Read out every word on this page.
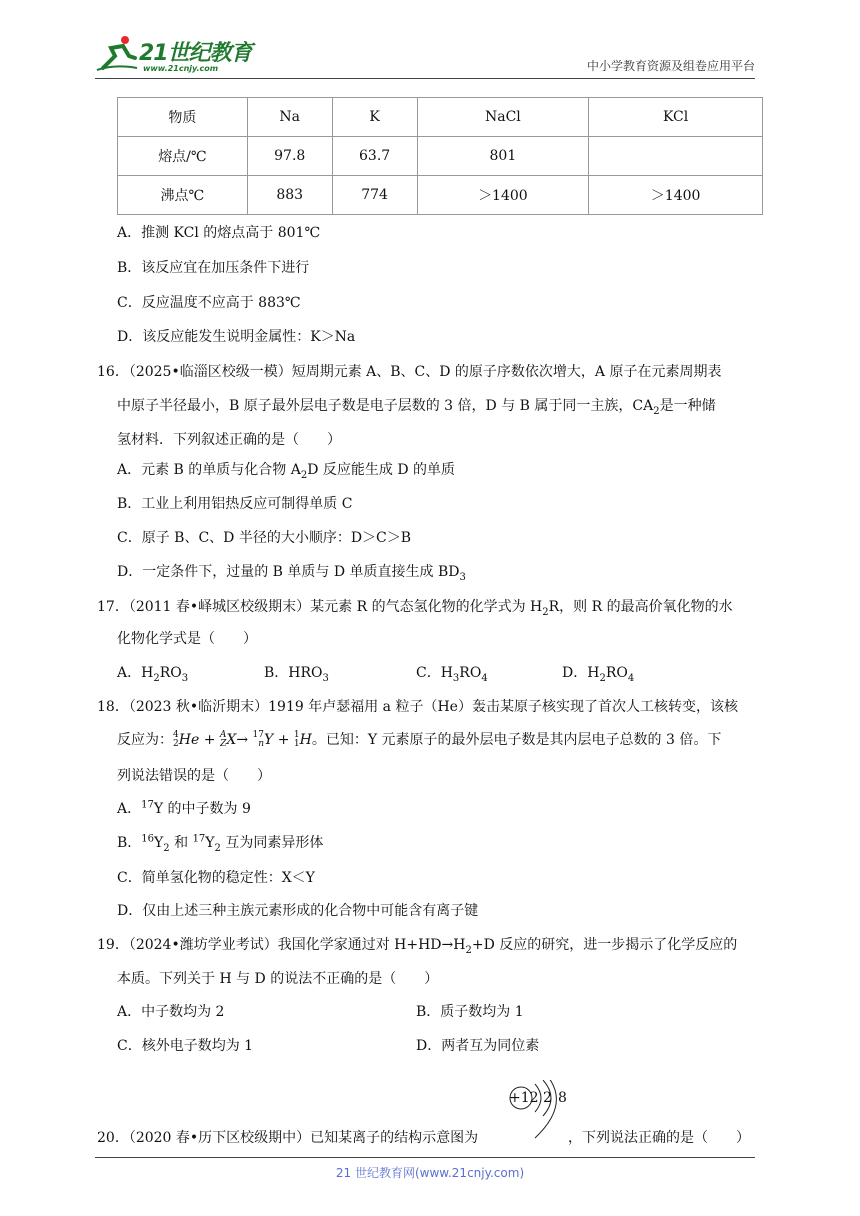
21世纪教育
www.21cnjy.com	中小学教育资源及组卷应用平台
物质	Na	K	NaCl	KCl
熔点/℃	97.8	63.7	801	
沸点℃	883	774	＞1400	＞1400
A．推测 KCl 的熔点高于 801℃
B．该反应宜在加压条件下进行
C．反应温度不应高于 883℃
D．该反应能发生说明金属性：K＞Na
16．（2025•临淄区校级一模）短周期元素 A、B、C、D 的原子序数依次增大，A 原子在元素周期表
中原子半径最小，B 原子最外层电子数是电子层数的 3 倍，D 与 B 属于同一主族，$CA_2$是一种储
氢材料．下列叙述正确的是（　　）
A．元素 B 的单质与化合物 $A_2D$ 反应能生成 D 的单质
B．工业上利用铝热反应可制得单质 C
C．原子 B、C、D 半径的大小顺序：D＞C＞B
D．一定条件下，过量的 B 单质与 D 单质直接生成 $BD_3$
17．（2011 春•峄城区校级期末）某元素 R 的气态氢化物的化学式为 $H_2R$，则 R 的最高价氧化物的水
化物化学式是（　　）
A．$H_2RO_3$	B．$HRO_3$	C．$H_3RO_4$	D．$H_2RO_4$
18．（2023 秋•临沂期末）1919 年卢瑟福用 a 粒子（He）轰击某原子核实现了首次人工核转变，该核
反应为：4
2He + A
ZX→ 17
nY + 1
1H。已知：Y 元素原子的最外层电子数是其内层电子总数的 3 倍。下
列说法错误的是（　　）
A．$^{17}$Y 的中子数为 9
B．$^{16}Y_2$ 和 $^{17}Y_2$ 互为同素异形体
C．简单氢化物的稳定性：X＜Y
D．仅由上述三种主族元素形成的化合物中可能含有离子键
19．（2024•潍坊学业考试）我国化学家通过对 $H+HD\to H_2+D$ 反应的研究，进一步揭示了化学反应的
本质。下列关于 H 与 D 的说法不正确的是（　　）
A．中子数均为 2	B．质子数均为 1
C．核外电子数均为 1	D．两者互为同位素
+12 2 8
20．（2020 春•历下区校级期中）已知某离子的结构示意图为	，下列说法正确的是（　　）
21 世纪教育网(www.21cnjy.com)
